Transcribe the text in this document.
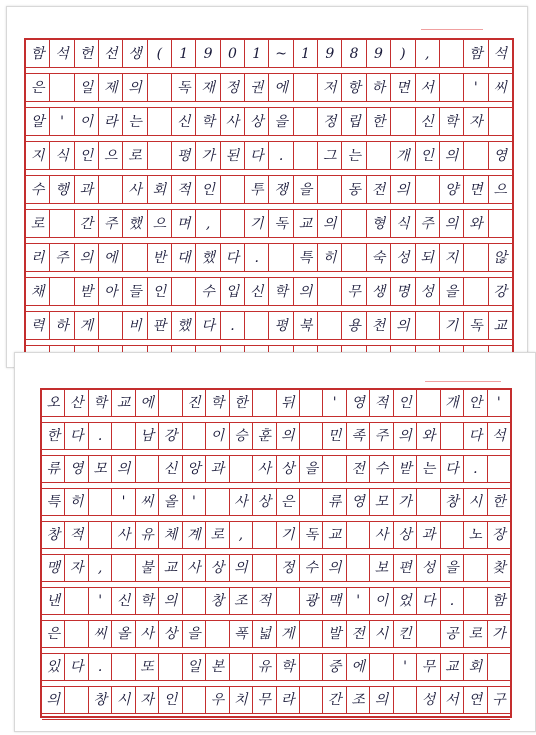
함 석 헌 선 생	(	1	9	0	1	~	1	9	8	9	)	,	함 석
은	일 제 의	독 재 정 권 에	저 항 하 면 서	'	씨
알	'	이 라 는	신 학 사 상 을	정 립 한	신 학 자
지 식 인 으 로	평 가 된 다	.	그 는	개 인 의	영
수 행 과	사 회 적 인	투 쟁 을	동 전 의	양 면 으
로	간 주 했 으 며	,	기 독 교 의	형 식 주 의 와
리 주 의 에	반 대 했 다	.	특 히	숙 성 되 지	않
채	받 아 들 인	수 입 신 학 의	무 생 명 성 을	강
력 하 게	비 판 했 다	.	평 북	용 천 의	기 독 교
오 산 학 교 에	진 학 한	뒤	'	영 적 인	개 안	'
한 다	.	남 강	이 승 훈 의	민 족 주 의 와	다 석
류 영 모 의	신 앙 과	사 상 을	전 수 받 는 다	.
특 히	'	씨 올	'	사 상 은	류 영 모 가	창 시 한
창 적	사 유 체 계 로	,	기 독 교	사 상 과	노 장
맹 자	,	불 교 사 상 의	정 수 의	보 편 성 을	찾
낸	'	신 학 의	창 조 적	광 맥	'	이 었 다	.	함
은	씨 올 사 상 을	폭 넓 게	발 전 시 킨	공 로 가
있 다	.	또	일 본	유 학	중 에	'	무 교 회
의	창 시 자 인	우 치 무 라	간 조 의	성 서 연 구
